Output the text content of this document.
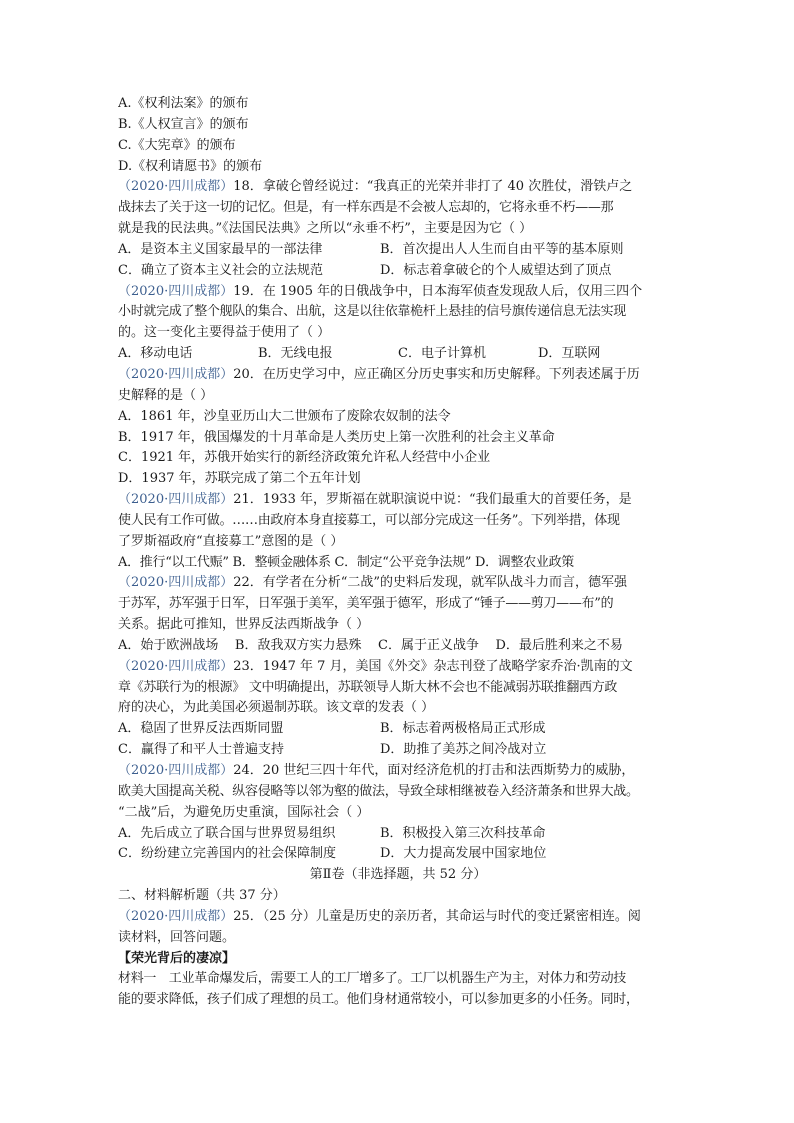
A.《权利法案》的颁布
B.《人权宣言》的颁布
C.《大宪章》的颁布
D.《权利请愿书》的颁布
（2020·四川成都）18．拿破仑曾经说过：“我真正的光荣并非打了 40 次胜仗，滑铁卢之
战抹去了关于这一切的记忆。但是，有一样东西是不会被人忘却的，它将永垂不朽——那
就是我的民法典。”《法国民法典》之所以“永垂不朽”，主要是因为它（ ）
A．是资本主义国家最早的一部法律	B．首次提出人人生而自由平等的基本原则
C．确立了资本主义社会的立法规范	D．标志着拿破仑的个人威望达到了顶点
（2020·四川成都）19．在 1905 年的日俄战争中，日本海军侦查发现敌人后，仅用三四个
小时就完成了整个舰队的集合、出航，这是以往依靠桅杆上悬挂的信号旗传递信息无法实现
的。这一变化主要得益于使用了（ ）
A．移动电话	B．无线电报	C．电子计算机	D．互联网
（2020·四川成都）20．在历史学习中，应正确区分历史事实和历史解释。下列表述属于历
史解释的是（ ）
A．1861 年，沙皇亚历山大二世颁布了废除农奴制的法令
B．1917 年，俄国爆发的十月革命是人类历史上第一次胜利的社会主义革命
C．1921 年，苏俄开始实行的新经济政策允许私人经营中小企业
D．1937 年，苏联完成了第二个五年计划
（2020·四川成都）21．1933 年，罗斯福在就职演说中说：“我们最重大的首要任务，是
使人民有工作可做。……由政府本身直接募工，可以部分完成这一任务”。下列举措，体现
了罗斯福政府“直接募工”意图的是（ ）
A．推行“以工代赈” B．整顿金融体系 C．制定“公平竞争法规” D．调整农业政策
（2020·四川成都）22．有学者在分析“二战”的史料后发现，就军队战斗力而言，德军强
于苏军，苏军强于日军，日军强于美军，美军强于德军，形成了“锤子——剪刀——布”的
关系。据此可推知，世界反法西斯战争（ ）
A．始于欧洲战场    B．敌我双方实力悬殊    C．属于正义战争    D．最后胜利来之不易
（2020·四川成都）23．1947 年 7 月，美国《外交》杂志刊登了战略学家乔治·凯南的文
章《苏联行为的根源》 文中明确提出，苏联领导人斯大林不会也不能减弱苏联推翻西方政
府的决心，为此美国必须遏制苏联。该文章的发表（ ）
A．稳固了世界反法西斯同盟	B．标志着两极格局正式形成
C．赢得了和平人士普遍支持	D．助推了美苏之间冷战对立
（2020·四川成都）24．20 世纪三四十年代，面对经济危机的打击和法西斯势力的威胁，
欧美大国提高关税、纵容侵略等以邻为壑的做法，导致全球相继被卷入经济萧条和世界大战。
“二战”后，为避免历史重演，国际社会（ ）
A．先后成立了联合国与世界贸易组织	B．积极投入第三次科技革命
C．纷纷建立完善国内的社会保障制度	D．大力提高发展中国家地位
第Ⅱ卷（非选择题，共 52 分）
二、材料解析题（共 37 分）
（2020·四川成都）25．（25 分）儿童是历史的亲历者，其命运与时代的变迁紧密相连。阅
读材料，回答问题。
【荣光背后的凄凉】
材料一　工业革命爆发后，需要工人的工厂增多了。工厂以机器生产为主，对体力和劳动技
能的要求降低，孩子们成了理想的员工。他们身材通常较小，可以参加更多的小任务。同时，
